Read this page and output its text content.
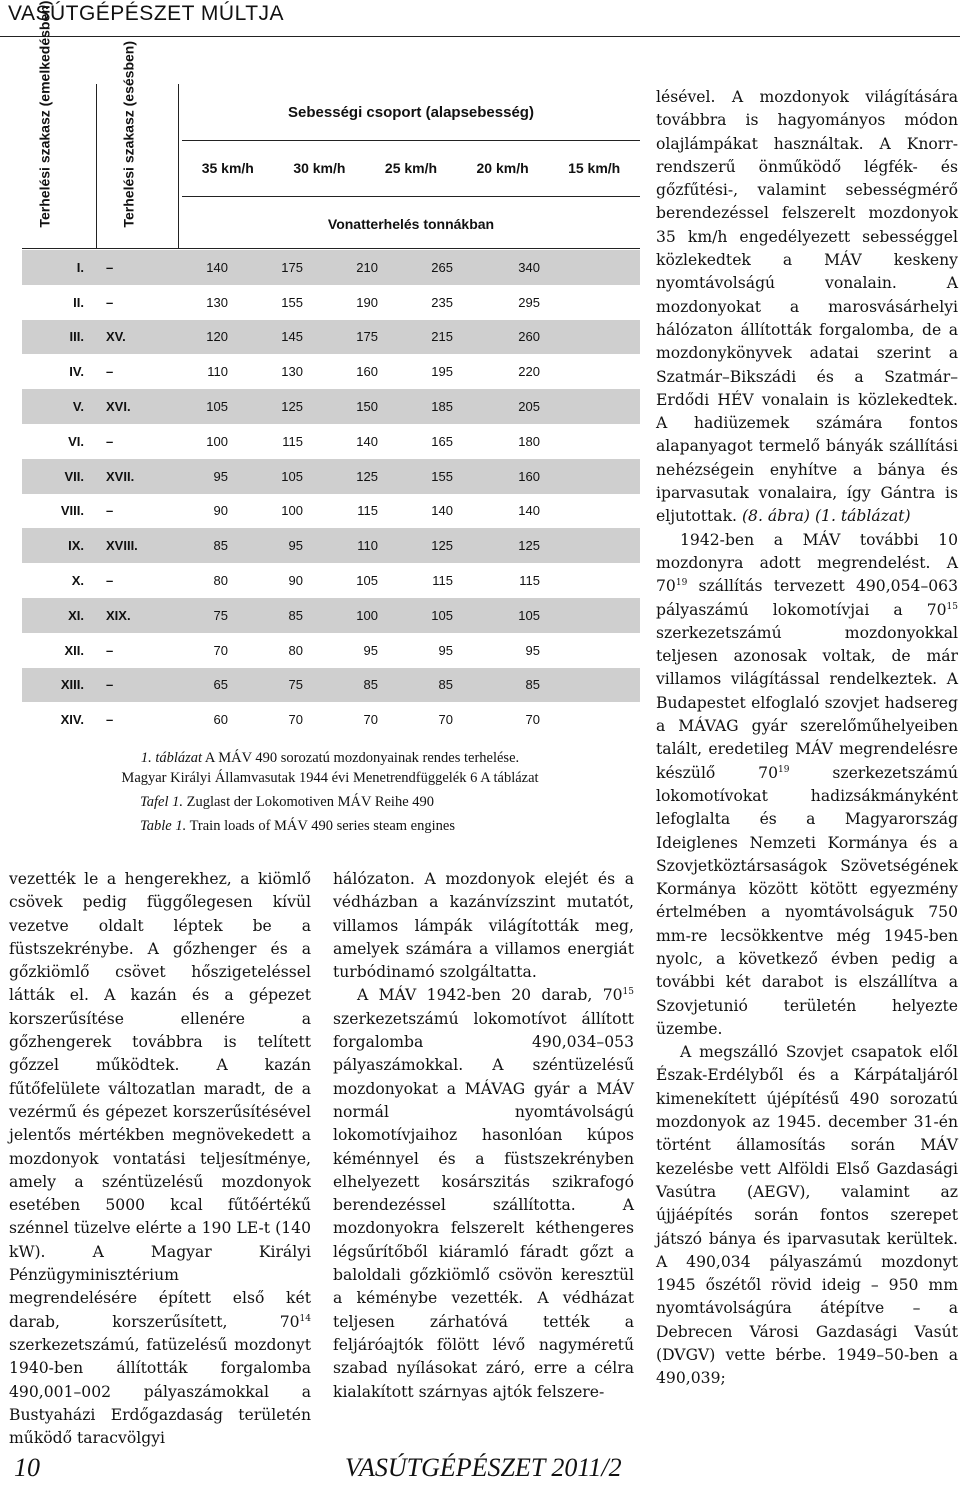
VASÚTGÉPÉSZET MÚLTJA
Terhelési szakasz (emelkedésben)	Terhelési szakasz (esésben)	Sebességi csoport (alapsebesség)
35 km/h	30 km/h	25 km/h	20 km/h	15 km/h
Vonatterhelés tonnákban
I.	–	140	175	210	265	340
II.	–	130	155	190	235	295
III.	XV.	120	145	175	215	260
IV.	–	110	130	160	195	220
V.	XVI.	105	125	150	185	205
VI.	–	100	115	140	165	180
VII.	XVII.	95	105	125	155	160
VIII.	–	90	100	115	140	140
IX.	XVIII.	85	95	110	125	125
X.	–	80	90	105	115	115
XI.	XIX.	75	85	100	105	105
XII.	–	70	80	95	95	95
XIII.	–	65	75	85	85	85
XIV.	–	60	70	70	70	70
1. táblázat A MÁV 490 sorozatú mozdonyainak rendes terhelése.
Magyar Királyi Államvasutak 1944 évi Menetrendfüggelék 6 A táblázat
Tafel 1. Zuglast der Lokomotiven MÁV Reihe 490
Table 1. Train loads of MÁV 490 series steam engines

vezették le a hengerekhez, a kiömlő csövek pedig függőlegesen kívül vezetve oldalt léptek be a füstszekrénybe. A gőzhenger és a gőzkiömlő csövet hőszigeteléssel látták el. A kazán és a gépezet korszerűsítése ellenére a gőzhengerek továbbra is telített gőzzel működtek. A kazán fűtőfelülete változatlan maradt, de a vezérmű és gépezet korszerűsítésével jelentős mértékben megnövekedett a mozdonyok vontatási teljesítménye, amely a széntüzelésű mozdonyok esetében 5000 kcal fűtőértékű szénnel tüzelve elérte a 190 LE-t (140 kW). A Magyar Királyi Pénzügyminisztérium megrendelésére épített első két darab, korszerűsített, $70^{14}$ szerkezetszámú, fatüzelésű mozdonyt 1940-ben állították forgalomba 490,001–002 pályaszámokkal a Bustyaházi Erdőgazdaság területén működő taracvölgyi

hálózaton. A mozdonyok elejét és a védházban a kazánvízszint mutatót, villamos lámpák világították meg, amelyek számára a villamos energiát turbódinamó szolgáltatta.

A MÁV 1942-ben 20 darab, $70^{15}$ szerkezetszámú lokomotívot állított forgalomba 490,034–053 pályaszámokkal. A széntüzelésű mozdonyokat a MÁVAG gyár a MÁV normál nyomtávolságú lokomotívjaihoz hasonlóan kúpos kéménnyel és a füstszekrényben elhelyezett kosárszitás szikrafogó berendezéssel szállította. A mozdonyokra felszerelt kéthengeres légsűrítőből kiáramló fáradt gőzt a baloldali gőzkiömlő csövön keresztül a kéménybe vezették. A védházat teljesen zárhatóvá tették a feljáróajtók fölött lévő nagyméretű szabad nyílásokat záró, erre a célra kialakított szárnyas ajtók felszere-

lésével. A mozdonyok világítására továbbra is hagyományos módon olajlámpákat használtak. A Knorr-rendszerű önműködő légfék- és gőzfűtési-, valamint sebességmérő berendezéssel felszerelt mozdonyok 35 km/h engedélyezett sebességgel közlekedtek a MÁV keskeny nyomtávolságú vonalain. A mozdonyokat a marosvásárhelyi hálózaton állították forgalomba, de a mozdonykönyvek adatai szerint a Szatmár–Bikszádi és a Szatmár–Erdődi HÉV vonalain is közlekedtek. A hadiüzemek számára fontos alapanyagot termelő bányák szállítási nehézségein enyhítve a bánya és iparvasutak vonalaira, így Gántra is eljutottak. (8. ábra) (1. táblázat)

1942-ben a MÁV további 10 mozdonyra adott megrendelést. A $70^{19}$ szállítás tervezett 490,054–063 pályaszámú lokomotívjai a $70^{15}$ szerkezetszámú mozdonyokkal teljesen azonosak voltak, de már villamos világítással rendelkeztek. A Budapestet elfoglaló szovjet hadsereg a MÁVAG gyár szerelőműhelyeiben talált, eredetileg MÁV megrendelésre készülő $70^{19}$ szerkezetszámú lokomotívokat hadizsákmányként lefoglalta és a Magyarország Ideiglenes Nemzeti Kormánya és a Szovjetköztársaságok Szövetségének Kormánya között kötött egyezmény értelmében a nyomtávolságuk 750 mm-re lecsökkentve még 1945-ben nyolc, a következő évben pedig a további két darabot is elszállítva a Szovjetunió területén helyezte üzembe.

A megszálló Szovjet csapatok elől Észak-Erdélyből és a Kárpátaljáról kimenekített újépítésű 490 sorozatú mozdonyok az 1945. december 31-én történt államosítás során MÁV kezelésbe vett Alföldi Első Gazdasági Vasútra (AEGV), valamint az újjáépítés során fontos szerepet játszó bánya és iparvasutak kerültek. A 490,034 pályaszámú mozdonyt 1945 őszétől rövid ideig – 950 mm nyomtávolságúra átépítve – a Debrecen Városi Gazdasági Vasút (DVGV) vette bérbe. 1949–50-ben a 490,039;

10	VASÚTGÉPÉSZET 2011/2
